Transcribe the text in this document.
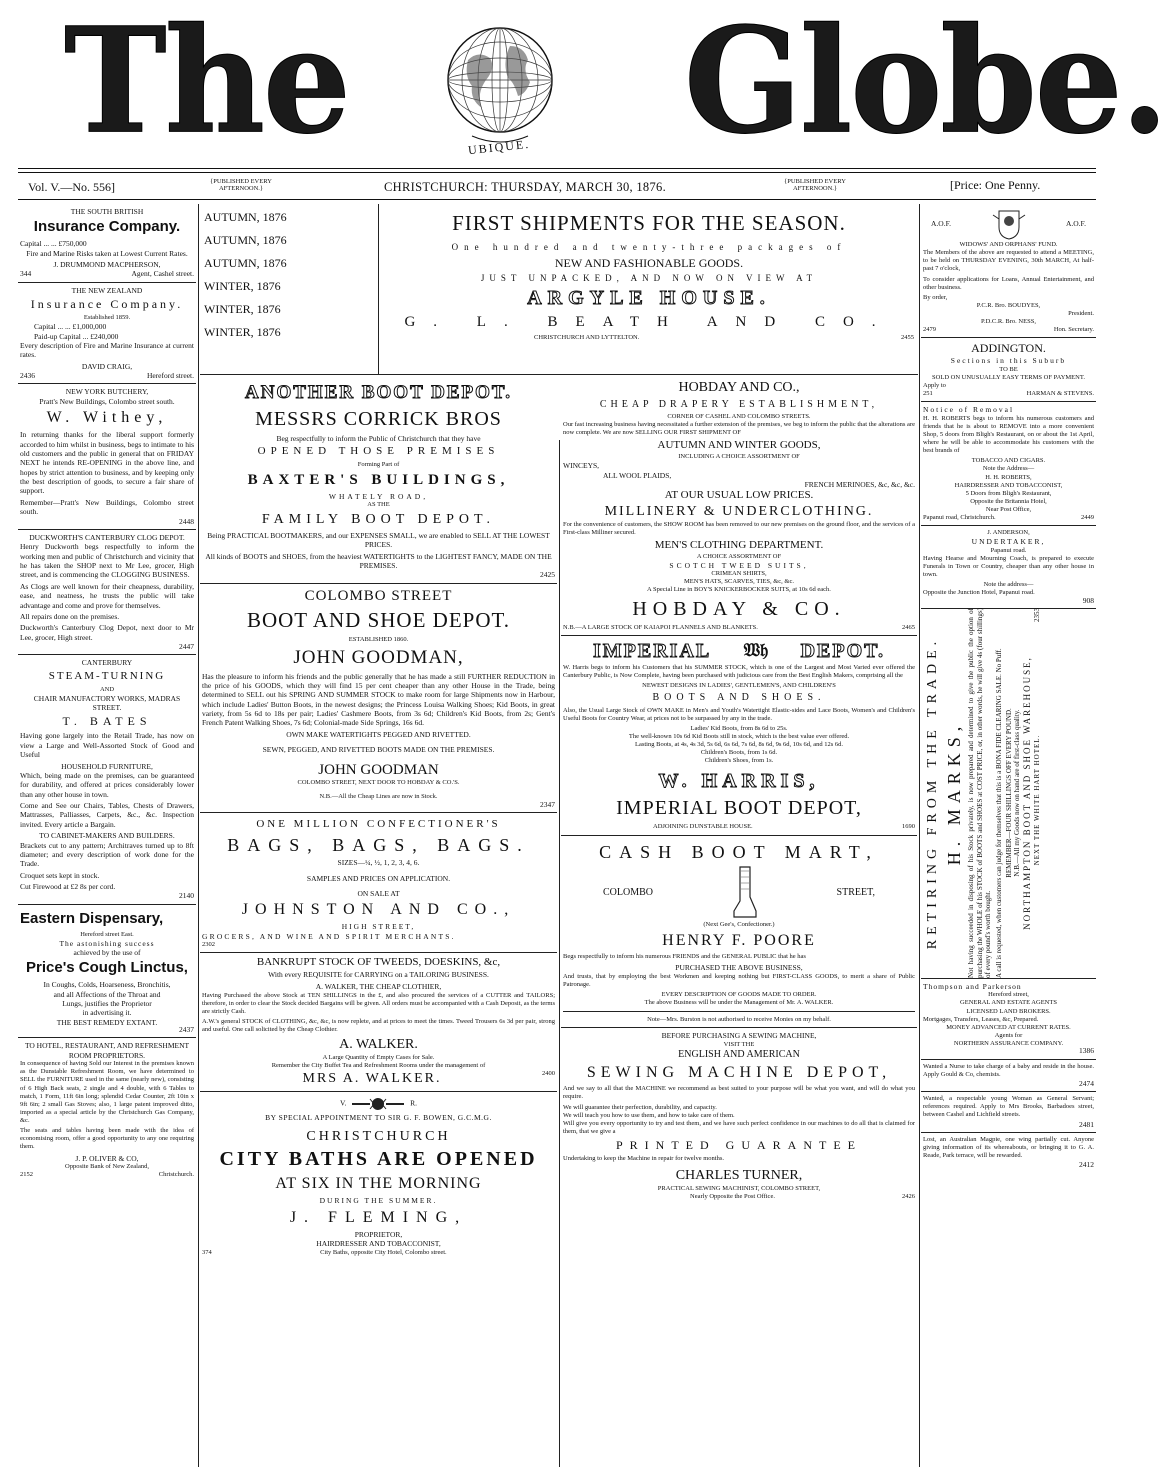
The	UBIQUE. Globe.
Vol. V.—No. 556]	{PUBLISHED EVERY AFTERNOON.}	CHRISTCHURCH: THURSDAY, MARCH 30, 1876.	{PUBLISHED EVERY AFTERNOON.}	[Price: One Penny.
THE SOUTH BRITISH
Insurance Company.
Capital ... ... £750,000

Fire and Marine Risks taken at Lowest Current Rates.

J. DRUMMOND MACPHERSON,
344	Agent, Cashel street.
THE NEW ZEALAND
Insurance Company.
Established 1859.
Capital ... ... £1,000,000
Paid-up Capital ... £240,000

Every description of Fire and Marine Insurance at current rates.

DAVID CRAIG,
2436	Hereford street.
NEW YORK BUTCHERY,
Pratt's New Buildings, Colombo street south.
W. Withey,

In returning thanks for the liberal support formerly accorded to him whilst in business, begs to intimate to his old customers and the public in general that on FRIDAY NEXT he intends RE-OPENING in the above line, and hopes by strict attention to business, and by keeping only the best description of goods, to secure a fair share of support.

Remember—Pratt's New Buildings, Colombo street south.

2448
DUCKWORTH'S CANTERBURY CLOG DEPOT.

Henry Duckworth begs respectfully to inform the working men and public of Christchurch and vicinity that he has taken the SHOP next to Mr Lee, grocer, High street, and is commencing the CLOGGING BUSINESS.

As Clogs are well known for their cheapness, durability, ease, and neatness, he trusts the public will take advantage and come and prove for themselves.

All repairs done on the premises.

Duckworth's Canterbury Clog Depot, next door to Mr Lee, grocer, High street.

2447
CANTERBURY
STEAM-TURNING
AND
CHAIR MANUFACTORY WORKS, MADRAS STREET.
T. BATES

Having gone largely into the Retail Trade, has now on view a Large and Well-Assorted Stock of Good and Useful

HOUSEHOLD FURNITURE,

Which, being made on the premises, can be guaranteed for durability, and offered at prices considerably lower than any other house in town.

Come and See our Chairs, Tables, Chests of Drawers, Mattrasses, Palliasses, Carpets, &c., &c. Inspection invited. Every article a Bargain.

TO CABINET-MAKERS AND BUILDERS.

Brackets cut to any pattern; Architraves turned up to 8ft diameter; and every description of work done for the Trade.

Croquet sets kept in stock.

Cut Firewood at £2 8s per cord.

2140
Eastern Dispensary,
Hereford street East.
The astonishing success
achieved by the use of
Price's Cough Linctus,
In Coughs, Colds, Hoarseness, Bronchitis,
and all Affections of the Throat and
Lungs, justifies the Proprietor
in advertising it.
THE BEST REMEDY EXTANT.
2437
TO HOTEL, RESTAURANT, AND REFRESHMENT ROOM PROPRIETORS.

In consequence of having Sold our Interest in the premises known as the Dunstable Refreshment Room, we have determined to SELL the FURNITURE used in the same (nearly new), consisting of 6 High Back seats, 2 single and 4 double, with 6 Tables to match, 1 Form, 11ft 6in long; splendid Cedar Counter, 2ft 10in x 9ft 6in; 2 small Gas Stoves; also, 1 large patent improved ditto, imported as a special article by the Christchurch Gas Company, &c.

The seats and tables having been made with the idea of economising room, offer a good opportunity to any one requiring them.

J. P. OLIVER & CO,
Opposite Bank of New Zealand,
2152	Christchurch.
AUTUMN, 1876
AUTUMN, 1876
AUTUMN, 1876
WINTER, 1876
WINTER, 1876
WINTER, 1876
FIRST SHIPMENTS FOR THE SEASON.
One hundred and twenty-three packages of
NEW AND FASHIONABLE GOODS.
JUST UNPACKED, AND NOW ON VIEW AT
ARGYLE HOUSE.
G. L. BEATH AND CO.
CHRISTCHURCH AND LYTTELTON.	2455
ANOTHER BOOT DEPOT.
MESSRS CORRICK BROS
Beg respectfully to inform the Public of Christchurch that they have
OPENED THOSE PREMISES
Forming Part of
BAXTER'S BUILDINGS,
WHATELY ROAD,
AS THE
FAMILY BOOT DEPOT.

Being PRACTICAL BOOTMAKERS, and our EXPENSES SMALL, we are enabled to SELL AT THE LOWEST PRICES.

All kinds of BOOTS and SHOES, from the heaviest WATERTIGHTS to the LIGHTEST FANCY, MADE ON THE PREMISES.

2425
COLOMBO STREET
BOOT AND SHOE DEPOT.
ESTABLISHED 1860.
JOHN GOODMAN,

Has the pleasure to inform his friends and the public generally that he has made a still FURTHER REDUCTION in the price of his GOODS, which they will find 15 per cent cheaper than any other House in the Trade, being determined to SELL out his SPRING AND SUMMER STOCK to make room for large Shipments now in Harbour, which include Ladies' Button Boots, in the newest designs; the Princess Louisa Walking Shoes; Kid Boots, in great variety, from 5s 6d to 18s per pair; Ladies' Cashmere Boots, from 3s 6d; Children's Kid Boots, from 2s; Gent's French Patent Walking Shoes, 7s 6d; Colonial-made Side Springs, 16s 6d.

OWN MAKE WATERTIGHTS PEGGED AND RIVETTED.
SEWN, PEGGED, AND RIVETTED BOOTS MADE ON THE PREMISES.
JOHN GOODMAN
COLOMBO STREET, NEXT DOOR TO HOBDAY & CO.'S.
N.B.—All the Cheap Lines are now in Stock.
2347
ONE MILLION CONFECTIONER'S
BAGS, BAGS, BAGS.
SIZES—¼, ½, 1, 2, 3, 4, 6.
SAMPLES AND PRICES ON APPLICATION.
ON SALE AT
JOHNSTON AND CO.,
HIGH STREET,
GROCERS, AND WINE AND SPIRIT MERCHANTS.
2302
BANKRUPT STOCK OF TWEEDS, DOESKINS, &c,
With every REQUISITE for CARRYING on a TAILORING BUSINESS.
A. WALKER, THE CHEAP CLOTHIER,

Having Purchased the above Stock at TEN SHILLINGS in the £, and also procured the services of a CUTTER and TAILORS; therefore, in order to clear the Stock decided Bargains will be given. All orders must be accompanied with a Cash Deposit, as the terms are strictly Cash.

A.W.'s general STOCK of CLOTHING, &c, &c, is now replete, and at prices to meet the times. Tweed Trousers 6s 3d per pair, strong and useful. One call solicited by the Cheap Clothier.

A. WALKER.
A Large Quantity of Empty Cases for Sale.
Remember the City Buffet Tea and Refreshment Rooms under the management of
MRS A. WALKER.	2400
V.	R.
BY SPECIAL APPOINTMENT TO SIR G. F. BOWEN, G.C.M.G.
CHRISTCHURCH
CITY BATHS ARE OPENED
AT SIX IN THE MORNING
DURING THE SUMMER.
J. FLEMING,
PROPRIETOR,
HAIRDRESSER AND TOBACCONIST,
374	City Baths, opposite City Hotel, Colombo street.
HOBDAY AND CO.,
CHEAP DRAPERY ESTABLISHMENT,
CORNER OF CASHEL AND COLOMBO STREETS.

Our fast increasing business having necessitated a further extension of the premises, we beg to inform the public that the alterations are now complete. We are now SELLING OUR FIRST SHIPMENT OF

AUTUMN AND WINTER GOODS,
INCLUDING A CHOICE ASSORTMENT OF
WINCEYS,
ALL WOOL PLAIDS,
FRENCH MERINOES, &c, &c, &c.
AT OUR USUAL LOW PRICES.
MILLINERY & UNDERCLOTHING.

For the convenience of customers, the SHOW ROOM has been removed to our new premises on the ground floor, and the services of a First-class Milliner secured.

MEN'S CLOTHING DEPARTMENT.
A CHOICE ASSORTMENT OF
SCOTCH TWEED SUITS,
CRIMEAN SHIRTS,
MEN'S HATS, SCARVES, TIES, &c, &c.
A Special Line in BOY'S KNICKERBOCKER SUITS, at 10s 6d each.
HOBDAY & CO.
N.B.—A LARGE STOCK OF KAIAPOI FLANNELS AND BLANKETS.	2465
IMPERIAL 𝔚𝔥 DEPOT.

W. Harris begs to inform his Customers that his SUMMER STOCK, which is one of the Largest and Most Varied ever offered the Canterbury Public, is Now Complete, having been purchased with judicious care from the Best English Makers, comprising all the

NEWEST DESIGNS IN LADIES', GENTLEMEN'S, AND CHILDREN'S
BOOTS AND SHOES.

Also, the Usual Large Stock of OWN MAKE in Men's and Youth's Watertight Elastic-sides and Lace Boots, Women's and Children's Useful Boots for Country Wear, at prices not to be surpassed by any in the trade.

Ladies' Kid Boots, from 8s 6d to 25s.
The well-known 10s 6d Kid Boots still in stock, which is the best value ever offered.
Lasting Boots, at 4s, 4s 3d, 5s 6d, 6s 6d, 7s 6d, 8s 6d, 9s 6d, 10s 6d, and 12s 6d.
Children's Boots, from 1s 6d.
Children's Shoes, from 1s.
W. HARRIS,
IMPERIAL BOOT DEPOT,
ADJOINING DUNSTABLE HOUSE.	1690
CASH BOOT MART,
COLOMBO	STREET,
(Next Gee's, Confectioner.)
HENRY F. POORE

Begs respectfully to inform his numerous FRIENDS and the GENERAL PUBLIC that he has

PURCHASED THE ABOVE BUSINESS,

And trusts, that by employing the best Workmen and keeping nothing but FIRST-CLASS GOODS, to merit a share of Public Patronage.

EVERY DESCRIPTION OF GOODS MADE TO ORDER.
The above Business will be under the Management of Mr. A. WALKER.
Note—Mrs. Burston is not authorised to receive Monies on my behalf.
BEFORE PURCHASING A SEWING MACHINE,
VISIT THE
ENGLISH AND AMERICAN
SEWING MACHINE DEPOT,

And we say to all that the MACHINE we recommend as best suited to your purpose will be what you want, and will do what you require.

We will guarantee their perfection, durability, and capacity.
We will teach you how to use them, and how to take care of them.

Will give you every opportunity to try and test them, and we have such perfect confidence in our machines to do all that is claimed for them, that we give a

PRINTED GUARANTEE
Undertaking to keep the Machine in repair for twelve months.
CHARLES TURNER,
PRACTICAL SEWING MACHINIST, COLOMBO STREET,
Nearly Opposite the Post Office.	2426
A.O.F.	A.O.F.
WIDOWS' AND ORPHANS' FUND.

The Members of the above are requested to attend a MEETING, to be held on THURSDAY EVENING, 30th MARCH, At half-past 7 o'clock,

To consider applications for Loans, Annual Entertainment, and other business.

By order,
P.C.R. Bro. BOUDYES,
President.
P.D.C.R. Bro. NESS,
2479	Hon. Secretary.
ADDINGTON.
Sections in this Suburb
TO BE
SOLD ON UNUSUALLY EASY TERMS OF PAYMENT.
Apply to
251	HARMAN & STEVENS.
Notice of Removal

H. H. ROBERTS begs to inform his numerous customers and friends that he is about to REMOVE into a more convenient Shop, 5 doors from Bligh's Restaurant, on or about the 1st April, where he will be able to accommodate his customers with the best brands of

TOBACCO AND CIGARS.
Note the Address—
H. H. ROBERTS,
HAIRDRESSER AND TOBACCONIST,
5 Doors from Bligh's Restaurant,
Opposite the Britannia Hotel,
Near Post Office,
Papanui road, Christchurch.	2449
J. ANDERSON,
UNDERTAKER,
Papanui road.

Having Hearse and Mourning Coach, is prepared to execute Funerals in Town or Country, cheaper than any other house in town.

Note the address—
Opposite the Junction Hotel, Papanui road.
908
RETIRING FROM THE TRADE. H. MARKS, Not having succeeded in disposing of his Stock privately, is now prepared and determined to give the public the option of purchasing the WHOLE of his STOCK of BOOTS and SHOES at COST PRICE, or, in other words, he will give 4s (four shillings) of every pound's worth bought. A call is requested, when customers can judge for themselves that this is a BONA FIDE CLEARING SALE. No Puff. REMEMBER—FOUR SHILLINGS OFF EVERY POUND. N.B.—All my Goods now on hand are of first-class quality. NORTHAMPTON BOOT AND SHOE WAREHOUSE, NEXT THE WHITE HART HOTEL.
2353
Thompson and Parkerson
Hereford street,
GENERAL AND ESTATE AGENTS
LICENSED LAND BROKERS.
Mortgages, Transfers, Leases, &c, Prepared.
MONEY ADVANCED AT CURRENT RATES.
Agents for
NORTHERN ASSURANCE COMPANY.
1386

Wanted a Nurse to take charge of a baby and reside in the house. Apply Gould & Co, chemists.

2474

Wanted, a respectable young Woman as General Servant; references required. Apply to Mrs Brooks, Barbadoes street, between Cashel and Lichfield streets.

2481

Lost, an Australian Magpie, one wing partially cut. Anyone giving information of its whereabouts, or bringing it to G. A. Reade, Park terrace, will be rewarded.

2412
